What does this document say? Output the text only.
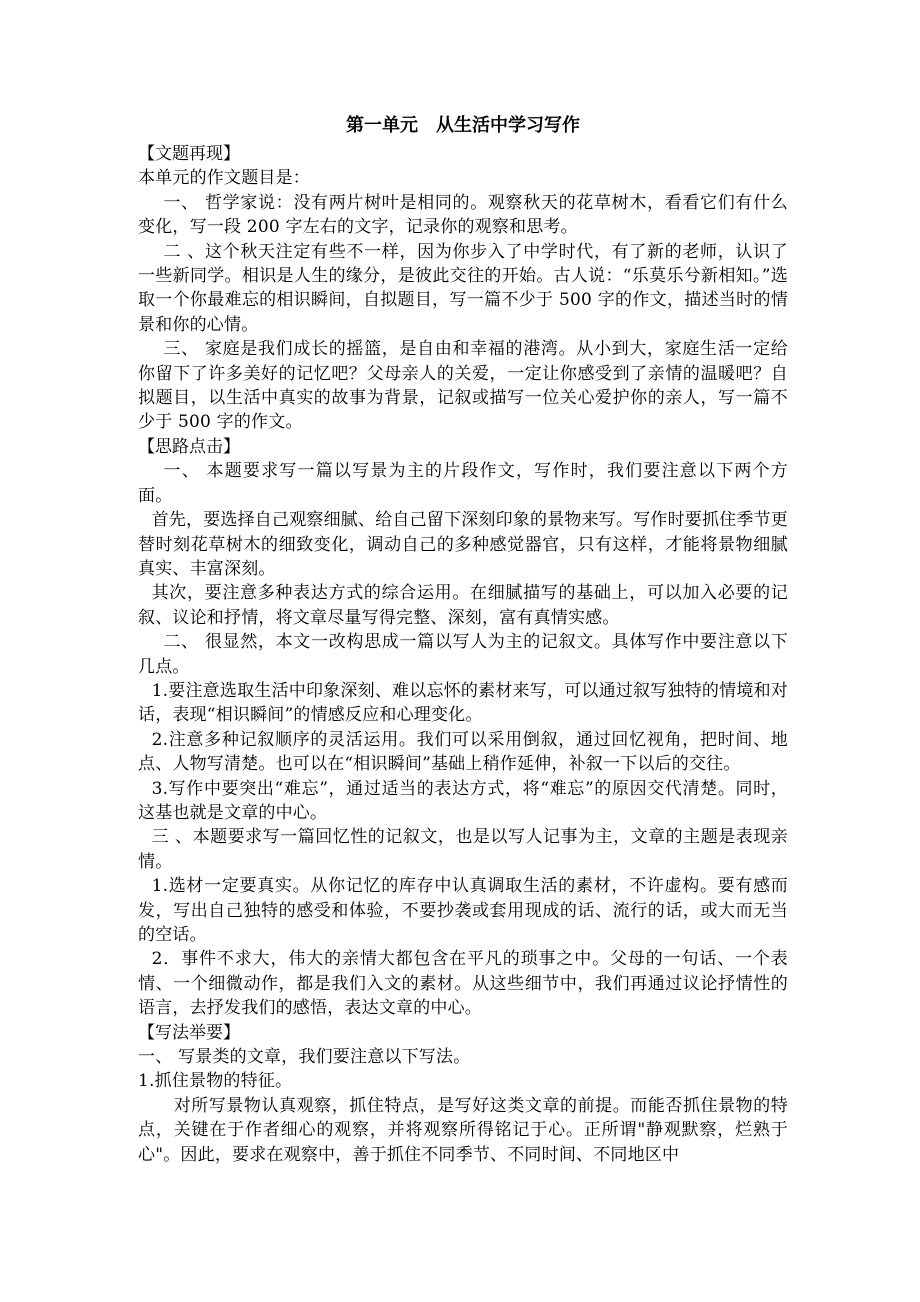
第一单元　从生活中学习写作
【文题再现】

本单元的作文题目是：

一、 哲学家说：没有两片树叶是相同的。观察秋天的花草树木，看看它们有什么变化，写一段 200 字左右的文字，记录你的观察和思考。

二 、这个秋天注定有些不一样，因为你步入了中学时代，有了新的老师，认识了一些新同学。相识是人生的缘分，是彼此交往的开始。古人说：“乐莫乐兮新相知。”选取一个你最难忘的相识瞬间，自拟题目，写一篇不少于 500 字的作文，描述当时的情景和你的心情。

三、 家庭是我们成长的摇篮，是自由和幸福的港湾。从小到大，家庭生活一定给你留下了许多美好的记忆吧？父母亲人的关爱，一定让你感受到了亲情的温暖吧？自拟题目，以生活中真实的故事为背景，记叙或描写一位关心爱护你的亲人，写一篇不少于 500 字的作文。

【思路点击】

一、 本题要求写一篇以写景为主的片段作文，写作时，我们要注意以下两个方面。

首先，要选择自己观察细腻、给自己留下深刻印象的景物来写。写作时要抓住季节更替时刻花草树木的细致变化，调动自己的多种感觉器官，只有这样，才能将景物细腻真实、丰富深刻。

其次，要注意多种表达方式的综合运用。在细腻描写的基础上，可以加入必要的记叙、议论和抒情，将文章尽量写得完整、深刻，富有真情实感。

二、 很显然，本文一改构思成一篇以写人为主的记叙文。具体写作中要注意以下几点。

1.要注意选取生活中印象深刻、难以忘怀的素材来写，可以通过叙写独特的情境和对话，表现“相识瞬间”的情感反应和心理变化。

2.注意多种记叙顺序的灵活运用。我们可以采用倒叙，通过回忆视角，把时间、地点、人物写清楚。也可以在“相识瞬间”基础上稍作延伸，补叙一下以后的交往。

3.写作中要突出“难忘”，通过适当的表达方式，将“难忘”的原因交代清楚。同时，这基也就是文章的中心。

三 、本题要求写一篇回忆性的记叙文，也是以写人记事为主，文章的主题是表现亲情。

1.选材一定要真实。从你记忆的库存中认真调取生活的素材，不许虚构。要有感而发，写出自己独特的感受和体验，不要抄袭或套用现成的话、流行的话，或大而无当的空话。

2．事件不求大，伟大的亲情大都包含在平凡的琐事之中。父母的一句话、一个表情、一个细微动作，都是我们入文的素材。从这些细节中，我们再通过议论抒情性的语言，去抒发我们的感悟，表达文章的中心。

【写法举要】

一、 写景类的文章，我们要注意以下写法。

1.抓住景物的特征。

对所写景物认真观察，抓住特点，是写好这类文章的前提。而能否抓住景物的特点，关键在于作者细心的观察，并将观察所得铭记于心。正所谓"静观默察，烂熟于心"。因此，要求在观察中，善于抓住不同季节、不同时间、不同地区中
